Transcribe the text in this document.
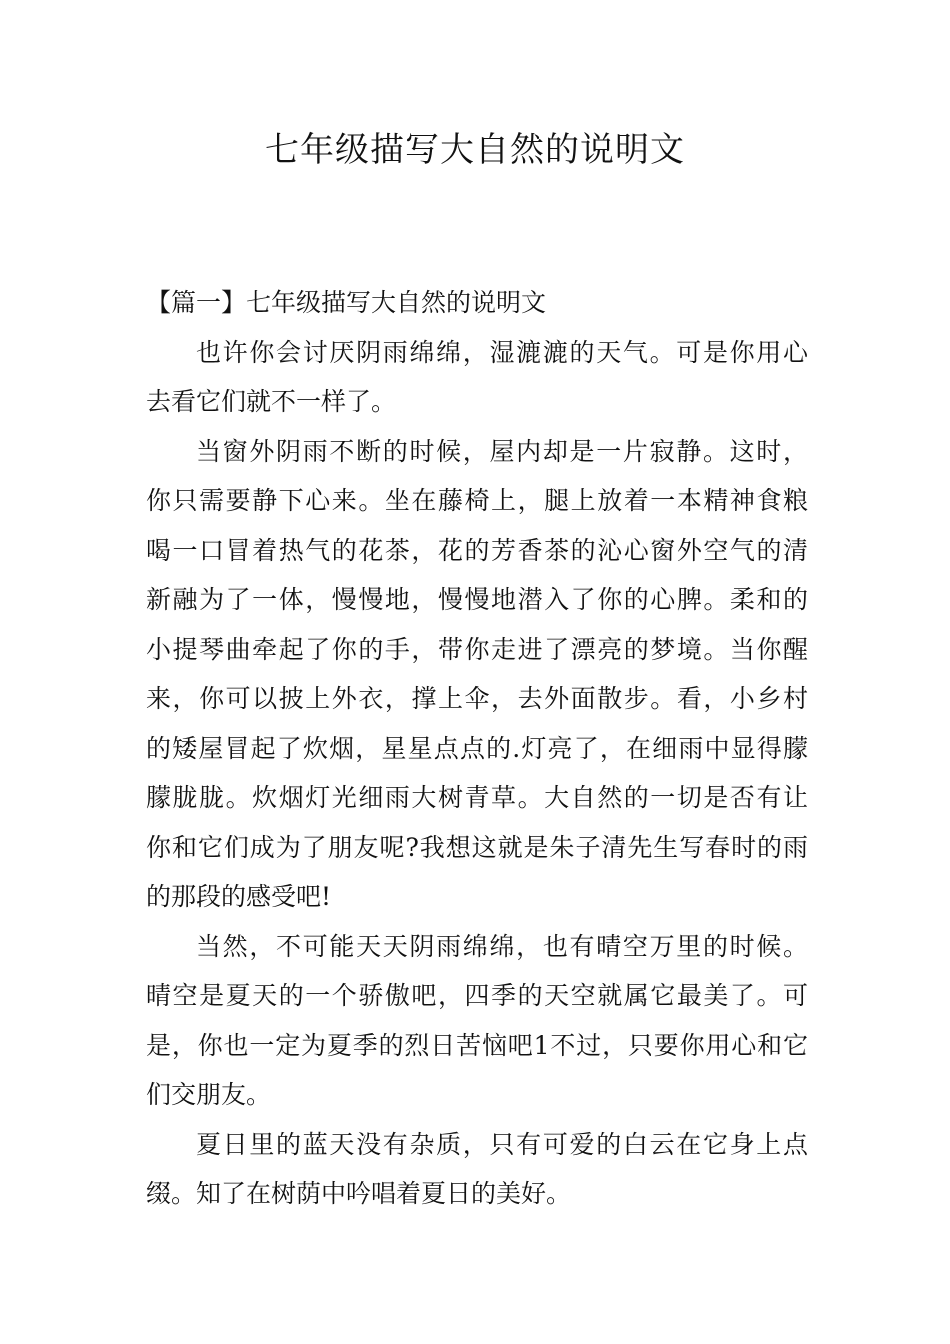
七年级描写大自然的说明文
【篇一】七年级描写大自然的说明文
也许你会讨厌阴雨绵绵，湿漉漉的天气。可是你用心
去看它们就不一样了。
当窗外阴雨不断的时候，屋内却是一片寂静。这时，
你只需要静下心来。坐在藤椅上，腿上放着一本精神食粮
喝一口冒着热气的花茶，花的芳香茶的沁心窗外空气的清
新融为了一体，慢慢地，慢慢地潜入了你的心脾。柔和的
小提琴曲牵起了你的手，带你走进了漂亮的梦境。当你醒
来，你可以披上外衣，撑上伞，去外面散步。看，小乡村
的矮屋冒起了炊烟，星星点点的.灯亮了，在细雨中显得朦
朦胧胧。炊烟灯光细雨大树青草。大自然的一切是否有让
你和它们成为了朋友呢?我想这就是朱子清先生写春时的雨
的那段的感受吧!
当然，不可能天天阴雨绵绵，也有晴空万里的时候。
晴空是夏天的一个骄傲吧，四季的天空就属它最美了。可
是，你也一定为夏季的烈日苦恼吧1不过，只要你用心和它
们交朋友。
夏日里的蓝天没有杂质，只有可爱的白云在它身上点
缀。知了在树荫中吟唱着夏日的美好。
